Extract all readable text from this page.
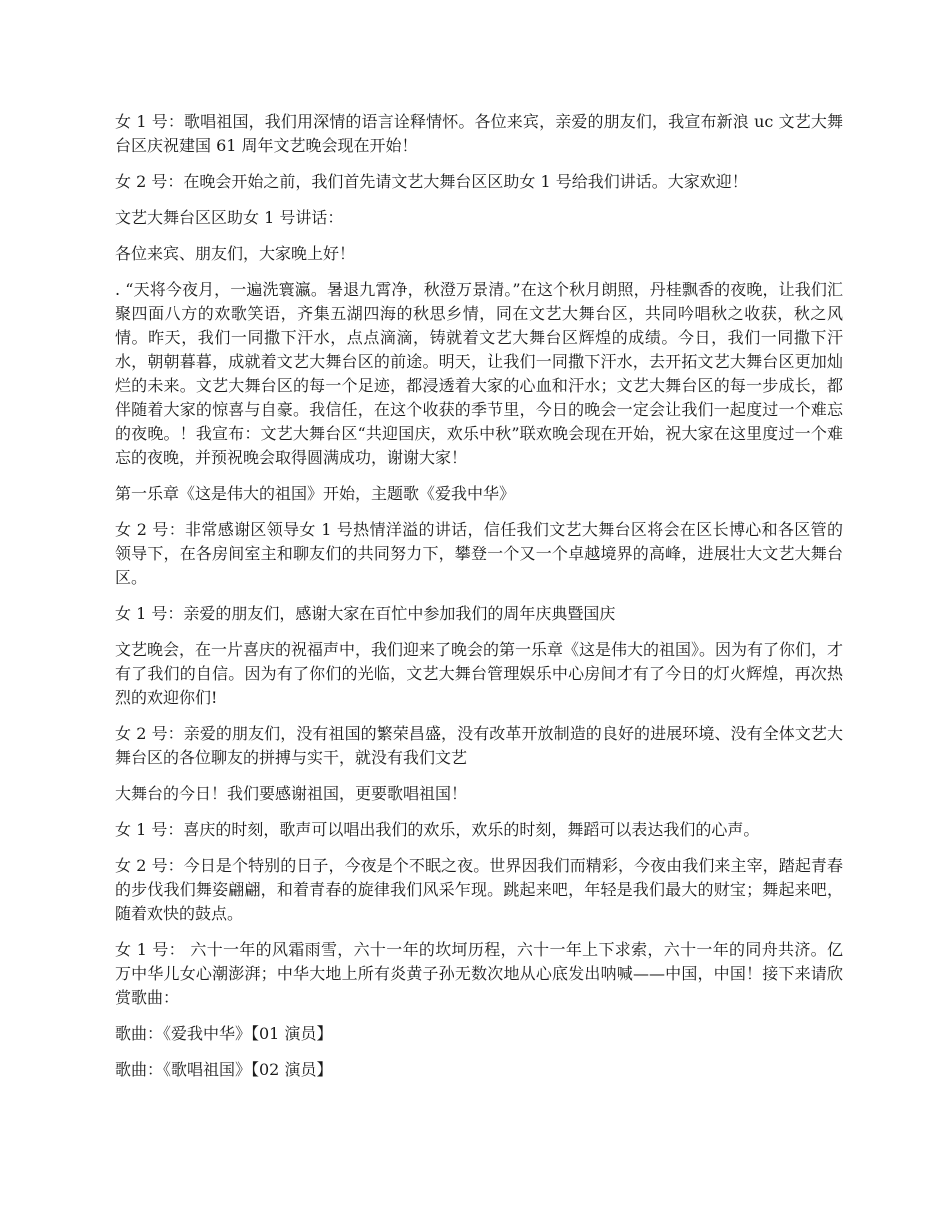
女 1 号：歌唱祖国，我们用深情的语言诠释情怀。各位来宾，亲爱的朋友们，我宣布新浪 uc 文艺大舞台区庆祝建国 61 周年文艺晚会现在开始！

女 2 号：在晚会开始之前，我们首先请文艺大舞台区区助女 1 号给我们讲话。大家欢迎！

文艺大舞台区区助女 1 号讲话：

各位来宾、朋友们，大家晚上好！

. “天将今夜月，一遍洗寰瀛。暑退九霄净，秋澄万景清。”在这个秋月朗照，丹桂飘香的夜晚，让我们汇聚四面八方的欢歌笑语，齐集五湖四海的秋思乡情，同在文艺大舞台区，共同吟唱秋之收获，秋之风情。昨天，我们一同撒下汗水，点点滴滴，铸就着文艺大舞台区辉煌的成绩。今日，我们一同撒下汗水，朝朝暮暮，成就着文艺大舞台区的前途。明天，让我们一同撒下汗水，去开拓文艺大舞台区更加灿烂的未来。文艺大舞台区的每一个足迹，都浸透着大家的心血和汗水；文艺大舞台区的每一步成长，都伴随着大家的惊喜与自豪。我信任，在这个收获的季节里，今日的晚会一定会让我们一起度过一个难忘的夜晚。！我宣布：文艺大舞台区“共迎国庆，欢乐中秋”联欢晚会现在开始，祝大家在这里度过一个难忘的夜晚，并预祝晚会取得圆满成功，谢谢大家！

第一乐章《这是伟大的祖国》开始，主题歌《爱我中华》

女 2 号：非常感谢区领导女 1 号热情洋溢的讲话，信任我们文艺大舞台区将会在区长博心和各区管的领导下，在各房间室主和聊友们的共同努力下，攀登一个又一个卓越境界的高峰，进展壮大文艺大舞台区。

女 1 号：亲爱的朋友们，感谢大家在百忙中参加我们的周年庆典暨国庆

文艺晚会，在一片喜庆的祝福声中，我们迎来了晚会的第一乐章《这是伟大的祖国》。因为有了你们，才有了我们的自信。因为有了你们的光临，文艺大舞台管理娱乐中心房间才有了今日的灯火辉煌，再次热烈的欢迎你们!

女 2 号：亲爱的朋友们，没有祖国的繁荣昌盛，没有改革开放制造的良好的进展环境、没有全体文艺大舞台区的各位聊友的拼搏与实干，就没有我们文艺

大舞台的今日！我们要感谢祖国，更要歌唱祖国！

女 1 号：喜庆的时刻，歌声可以唱出我们的欢乐，欢乐的时刻，舞蹈可以表达我们的心声。

女 2 号：今日是个特别的日子，今夜是个不眠之夜。世界因我们而精彩，今夜由我们来主宰，踏起青春的步伐我们舞姿翩翩，和着青春的旋律我们风采乍现。跳起来吧，年轻是我们最大的财宝；舞起来吧，随着欢快的鼓点。

女 1 号： 六十一年的风霜雨雪，六十一年的坎坷历程，六十一年上下求索，六十一年的同舟共济。亿万中华儿女心潮澎湃；中华大地上所有炎黄子孙无数次地从心底发出呐喊——中国，中国！接下来请欣赏歌曲：

歌曲：《爱我中华》【01 演员】

歌曲：《歌唱祖国》【02 演员】
